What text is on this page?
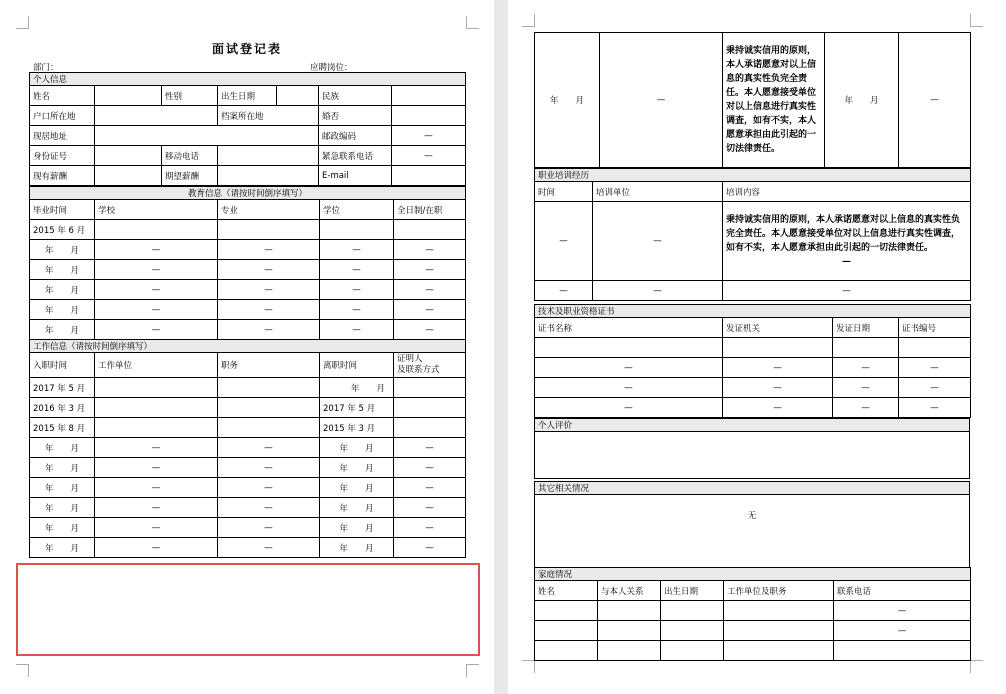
面试登记表
部门：	应聘岗位：
个人信息						
姓名		性别	出生日期		民族	
户口所在地			档案所在地		婚否	
现居地址					邮政编码	—
身份证号		移动电话			紧急联系电话	—
现有薪酬		期望薪酬			E-mail	
教育信息（请按时间倒序填写）				
毕业时间	学校	专业	学位	全日制/在职
2015 年 6 月				
年　　月	—	—	—	—
年　　月	—	—	—	—
年　　月	—	—	—	—
年　　月	—	—	—	—
年　　月	—	—	—	—
工作信息（请按时间倒序填写）				
入职时间	工作单位	职务	离职时间	证明人
及联系方式
2017 年 5 月			年　　月	
2016 年 3 月			2017 年 5 月	
2015 年 8 月			2015 年 3 月	
年　　月	—	—	年　　月	—
年　　月	—	—	年　　月	—
年　　月	—	—	年　　月	—
年　　月	—	—	年　　月	—
年　　月	—	—	年　　月	—
年　　月	—	—	年　　月	—
年　　月	—	秉持诚实信用的原则，本人承诺愿意对以上信息的真实性负完全责任。本人愿意接受单位对以上信息进行真实性调查，如有不实，本人愿意承担由此引起的一切法律责任。	年　　月	—
职业培训经历		
时间	培训单位	培训内容
—	—	秉持诚实信用的原则，本人承诺愿意对以上信息的真实性负完全责任。本人愿意接受单位对以上信息进行真实性调查，如有不实，本人愿意承担由此引起的一切法律责任。
—

—	—	—
技术及职业资格证书			
证书名称	发证机关	发证日期	证书编号

—	—	—	—
—	—	—	—
—	—	—	—
个人评价

其它相关情况
无
家庭情况				
姓名	与本人关系	出生日期	工作单位及职务	联系电话
				—
				—
